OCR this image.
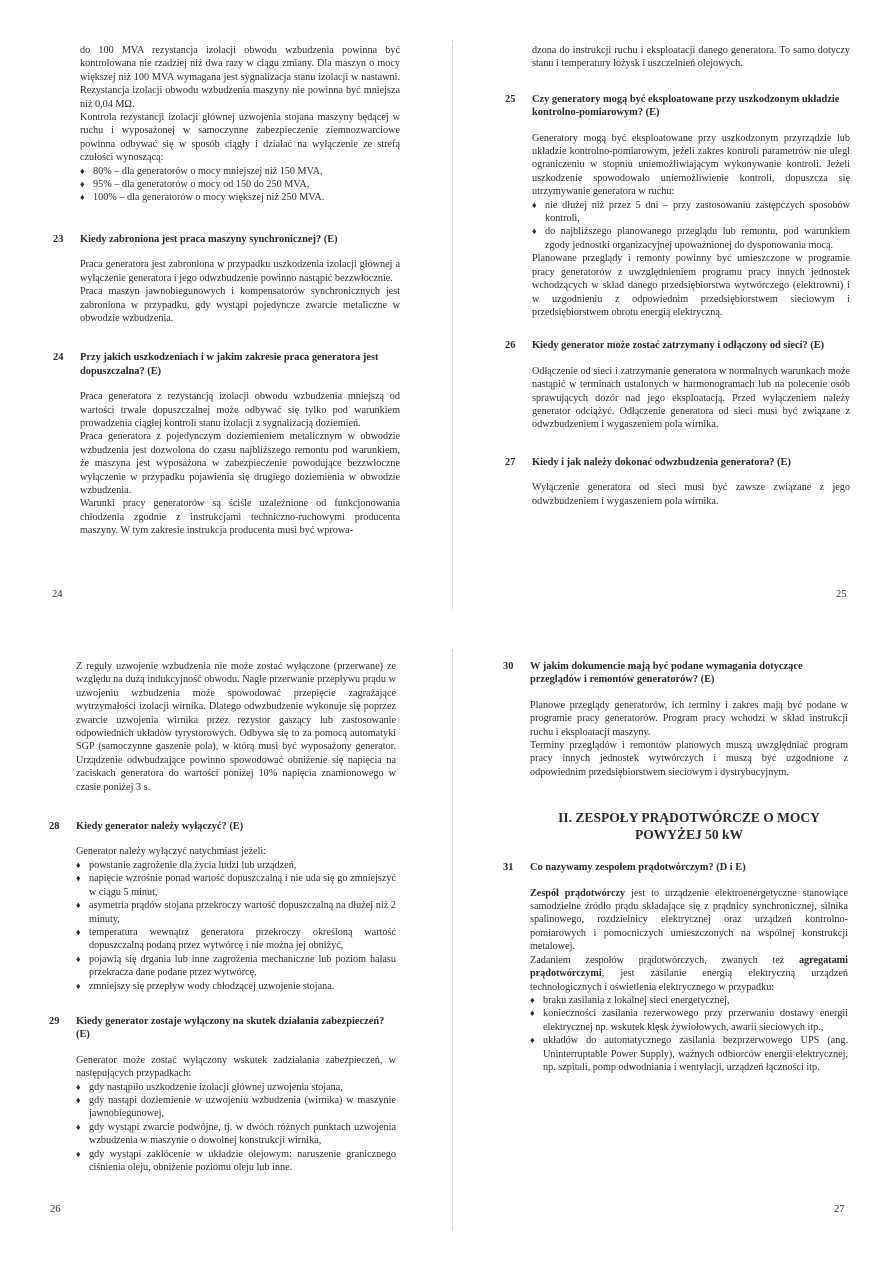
do 100 MVA rezystancja izolacji obwodu wzbudzenia powinna być kontrolowana nie rzadziej niż dwa razy w ciągu zmiany. Dla maszyn o mocy większej niż 100 MVA wymagana jest sygnalizacja stanu izolacji w nastawni. Rezystancja izolacji obwodu wzbudzenia maszyny nie powinna być mniejsza niż 0,04 MΩ.

Kontrola rezystancji izolacji głównej uzwojenia stojana maszyny będącej w ruchu i wyposażonej w samoczynne zabezpieczenie ziemnozwarciowe powinna odbywać się w sposób ciągły i działać na wyłączenie ze strefą czułości wynoszącą:

♦ 80% – dla generatorów o mocy mniejszej niż 150 MVA,
♦ 95% – dla generatorów o mocy od 150 do 250 MVA,
♦ 100% – dla generatorów o mocy większej niż 250 MVA.
23 Kiedy zabroniona jest praca maszyny synchronicznej? (E)

Praca generatora jest zabroniona w przypadku uszkodzenia izolacji głównej a wyłączenie generatora i jego odwzbudzenie powinno nastąpić bezzwłocznie.

Praca maszyn jawnobiegunowych i kompensatorów synchronicznych jest zabroniona w przypadku, gdy wystąpi pojedyncze zwarcie metaliczne w obwodzie wzbudzenia.

24 Przy jakich uszkodzeniach i w jakim zakresie praca generatora jest dopuszczalna? (E)

Praca generatora z rezystancją izolacji obwodu wzbudzenia mniejszą od wartości trwale dopuszczalnej może odbywać się tylko pod warunkiem prowadzenia ciągłej kontroli stanu izolacji z sygnalizacją doziemień.

Praca generatora z pojedynczym doziemieniem metalicznym w obwodzie wzbudzenia jest dozwolona do czasu najbliższego remontu pod warunkiem, że maszyna jest wyposażona w zabezpieczenie powodujące bezzwłoczne wyłączenie w przypadku pojawienia się drugiego doziemienia w obwodzie wzbudzenia.

Warunki pracy generatorów są ściśle uzależnione od funkcjonowania chłodzenia zgodnie z instrukcjami techniczno-ruchowymi producenta maszyny. W tym zakresie instrukcja producenta musi być wprowa-

24

dzona do instrukcji ruchu i eksploatacji danego generatora. To samo dotyczy stanu i temperatury łożysk i uszczelnień olejowych.

25 Czy generatory mogą być eksploatowane przy uszkodzonym układzie kontrolno-pomiarowym? (E)

Generatory mogą być eksploatowane przy uszkodzonym przyrządzie lub układzie kontrolno-pomiarowym, jeżeli zakres kontroli parametrów nie uległ ograniczeniu w stopniu uniemożliwiającym wykonywanie kontroli. Jeżeli uszkodzenie spowodowało uniemożliwienie kontroli, dopuszcza się utrzymywanie generatora w ruchu:

♦ nie dłużej niż przez 5 dni – przy zastosowaniu zastępczych sposobów kontroli,
♦ do najbliższego planowanego przeglądu lub remontu, pod warunkiem zgody jednostki organizacyjnej upoważnionej do dysponowania mocą.

Planowane przeglądy i remonty powinny być umieszczone w programie pracy generatorów z uwzględnieniem programu pracy innych jednostek wchodzących w skład danego przedsiębiorstwa wytwórczego (elektrowni) i w uzgodnieniu z odpowiednim przedsiębiorstwem sieciowym i przedsiębiorstwem obrotu energią elektryczną.

26 Kiedy generator może zostać zatrzymany i odłączony od sieci? (E)

Odłączenie od sieci i zatrzymanie generatora w normalnych warunkach może nastąpić w terminach ustalonych w harmonogramach lub na polecenie osób sprawujących dozór nad jego eksploatacją. Przed wyłączeniem należy generator odciążyć. Odłączenie generatora od sieci musi być związane z odwzbudzeniem i wygaszeniem pola wirnika.

27 Kiedy i jak należy dokonać odwzbudzenia generatora? (E)

Wyłączenie generatora od sieci musi być zawsze związane z jego odwzbudzeniem i wygaszeniem pola wirnika.

25

Z reguły uzwojenie wzbudzenia nie może zostać wyłączone (przerwane) ze względu na dużą indukcyjność obwodu. Nagłe przerwanie przepływu prądu w uzwojeniu wzbudzenia może spowodować przepięcie zagrażające wytrzymałości izolacji wirnika. Dlatego odwzbudzenie wykonuje się poprzez zwarcie uzwojenia wirnika przez rezystor gaszący lub zastosowanie odpowiednich układów tyrystorowych. Odbywa się to za pomocą automatyki SGP (samoczynne gaszenie pola), w którą musi być wyposażony generator. Urządzenie odwbudzające powinno spowodować obniżenie się napięcia na zaciskach generatora do wartości poniżej 10% napięcia znamionowego w czasie poniżej 3 s.

28 Kiedy generator należy wyłączyć? (E)

Generator należy wyłączyć natychmiast jeżeli:

♦ powstanie zagrożenie dla życia ludzi lub urządzeń,
♦ napięcie wzrośnie ponad wartość dopuszczalną i nie uda się go zmniejszyć w ciągu 5 minut,
♦ asymetria prądów stojana przekroczy wartość dopuszczalną na dłużej niż 2 minuty,
♦ temperatura wewnątrz generatora przekroczy określoną wartość dopuszczalną podaną przez wytwórcę i nie można jej obniżyć,
♦ pojawią się drgania lub inne zagrożenia mechaniczne lub poziom hałasu przekracza dane podane przez wytwórcę,
♦ zmniejszy się przepływ wody chłodzącej uzwojenie stojana.
29 Kiedy generator zostaje wyłączony na skutek działania zabezpieczeń? (E)

Generator może zostać wyłączony wskutek zadziałania zabezpieczeń, w następujących przypadkach:

♦ gdy nastąpiło uszkodzenie izolacji głównej uzwojenia stojana,
♦ gdy nastąpi doziemienie w uzwojeniu wzbudzenia (wirnika) w maszynie jawnobiegunowej,
♦ gdy wystąpi zwarcie podwójne, tj. w dwóch różnych punktach uzwojenia wzbudzenia w maszynie o dowolnej konstrukcji wirnika,
♦ gdy wystąpi zakłócenie w układzie olejowym: naruszenie granicznego ciśnienia oleju, obniżenie poziomu oleju lub inne.
26
30 W jakim dokumencie mają być podane wymagania dotyczące przeglądów i remontów generatorów? (E)

Planowe przeglądy generatorów, ich terminy i zakres mają być podane w programie pracy generatorów. Program pracy wchodzi w skład instrukcji ruchu i eksploatacji maszyny.

Terminy przeglądów i remontów planowych muszą uwzględniać program pracy innych jednostek wytwórczych i muszą być uzgodnione z odpowiednim przedsiębiorstwem sieciowym i dystrybucyjnym.

II. ZESPOŁY PRĄDOTWÓRCZE O MOCY

POWYŻEJ 50 kW

31 Co nazywamy zespołem prądotwórczym? (D i E)

Zespół prądotwórczy jest to urządzenie elektroenergetyczne stanowiące samodzielne źródło prądu składające się z prądnicy synchronicznej, silnika spalinowego, rozdzielnicy elektrycznej oraz urządzeń kontrolno-pomiarowych i pomocniczych umieszczonych na wspólnej konstrukcji metalowej.

Zadaniem zespołów prądotwórczych, zwanych też agregatami prądotwórczymi, jest zasilanie energią elektryczną urządzeń technologicznych i oświetlenia elektrycznego w przypadku:

♦ braku zasilania z lokalnej sieci energetycznej,
♦ konieczności zasilania rezerwowego przy przerwaniu dostawy energii elektrycznej np. wskutek klęsk żywiołowych, awarii sieciowych itp.,
♦ układów do automatycznego zasilania bezprzerwowego UPS (ang. Uninterruptable Power Supply), ważnych odbiorców energii elektrycznej, np. szpitali, pomp odwodniania i wentylacji, urządzeń łączności itp.
27
